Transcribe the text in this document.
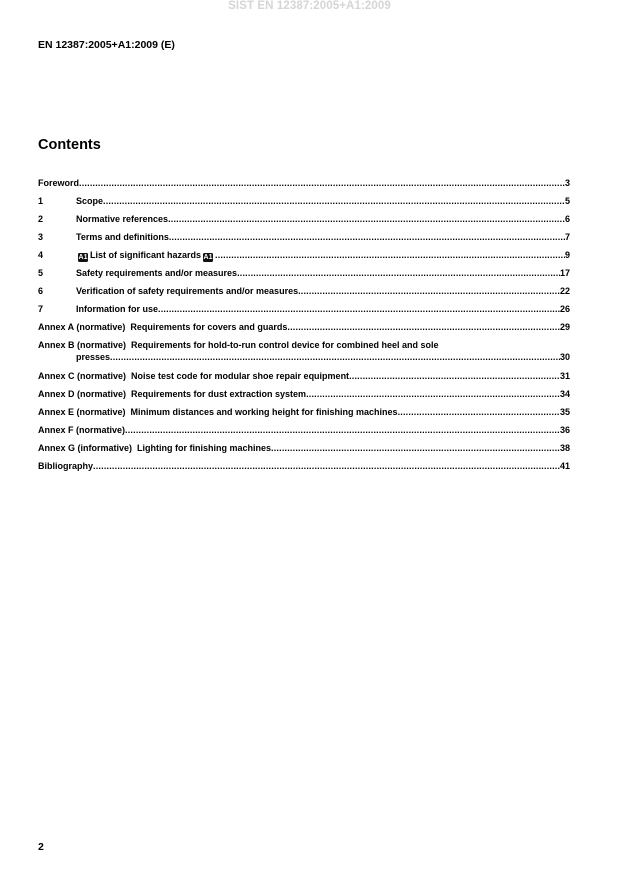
SIST EN 12387:2005+A1:2009
EN 12387:2005+A1:2009 (E)
Contents
Foreword .....	3
1	Scope .....	5
2	Normative references .....	6
3	Terms and definitions .....	7
4	A1 List of significant hazards A1 .....	9
5	Safety requirements and/or measures .....	17
6	Verification of safety requirements and/or measures .....	22
7	Information for use .....	26
Annex A (normative)  Requirements for covers and guards .....	29
Annex B (normative)  Requirements for hold-to-run control device for combined heel and sole
presses .....	30
Annex C (normative)  Noise test code for modular shoe repair equipment .....	31
Annex D (normative)  Requirements for dust extraction system .....	34
Annex E (normative)  Minimum distances and working height for finishing machines .....	35
Annex F (normative) .....	36
Annex G (informative)  Lighting for finishing machines .....	38
Bibliography .....	41
2
